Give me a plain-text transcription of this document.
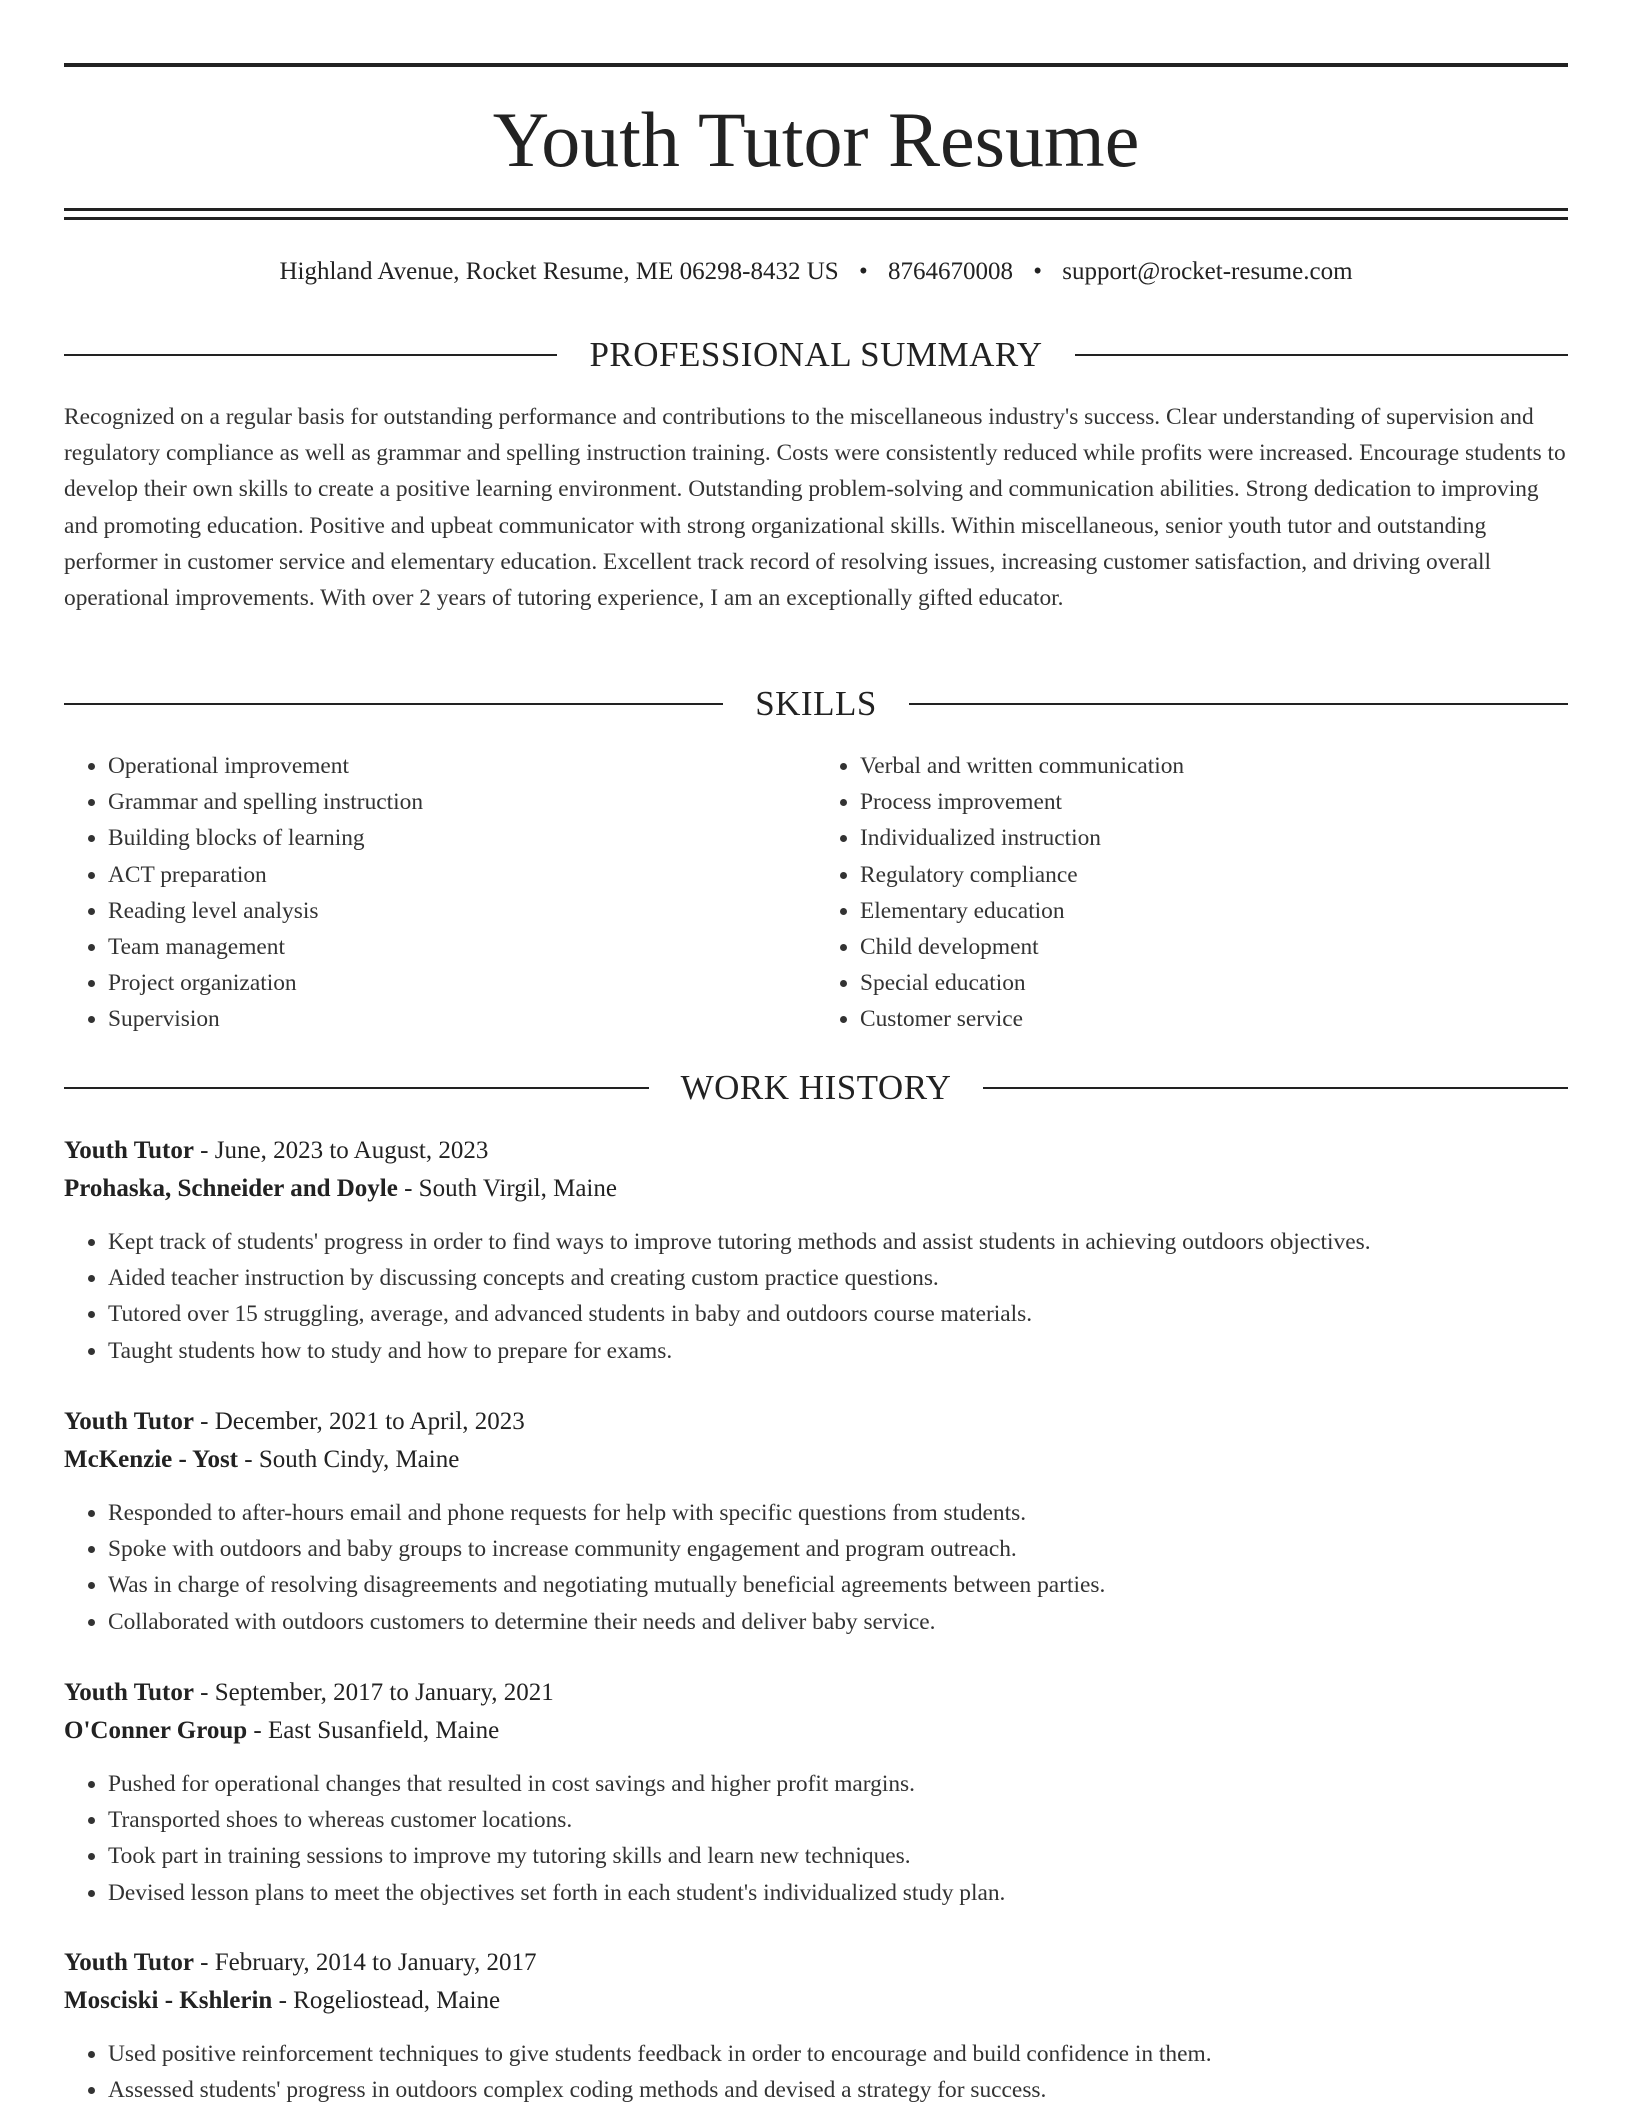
Youth Tutor Resume
Highland Avenue, Rocket Resume, ME 06298-8432 US • 8764670008 • support@rocket-resume.com
PROFESSIONAL SUMMARY

Recognized on a regular basis for outstanding performance and contributions to the miscellaneous industry's success. Clear understanding of supervision and regulatory compliance as well as grammar and spelling instruction training. Costs were consistently reduced while profits were increased. Encourage students to develop their own skills to create a positive learning environment. Outstanding problem-solving and communication abilities. Strong dedication to improving and promoting education. Positive and upbeat communicator with strong organizational skills. Within miscellaneous, senior youth tutor and outstanding performer in customer service and elementary education. Excellent track record of resolving issues, increasing customer satisfaction, and driving overall operational improvements. With over 2 years of tutoring experience, I am an exceptionally gifted educator.

SKILLS
• Operational improvement
• Grammar and spelling instruction
• Building blocks of learning
• ACT preparation
• Reading level analysis
• Team management
• Project organization
• Supervision
• Verbal and written communication
• Process improvement
• Individualized instruction
• Regulatory compliance
• Elementary education
• Child development
• Special education
• Customer service
WORK HISTORY

Youth Tutor - June, 2023 to August, 2023

Prohaska, Schneider and Doyle - South Virgil, Maine

• Kept track of students' progress in order to find ways to improve tutoring methods and assist students in achieving outdoors objectives.
• Aided teacher instruction by discussing concepts and creating custom practice questions.
• Tutored over 15 struggling, average, and advanced students in baby and outdoors course materials.
• Taught students how to study and how to prepare for exams.

Youth Tutor - December, 2021 to April, 2023

McKenzie - Yost - South Cindy, Maine

• Responded to after-hours email and phone requests for help with specific questions from students.
• Spoke with outdoors and baby groups to increase community engagement and program outreach.
• Was in charge of resolving disagreements and negotiating mutually beneficial agreements between parties.
• Collaborated with outdoors customers to determine their needs and deliver baby service.

Youth Tutor - September, 2017 to January, 2021

O'Conner Group - East Susanfield, Maine

• Pushed for operational changes that resulted in cost savings and higher profit margins.
• Transported shoes to whereas customer locations.
• Took part in training sessions to improve my tutoring skills and learn new techniques.
• Devised lesson plans to meet the objectives set forth in each student's individualized study plan.

Youth Tutor - February, 2014 to January, 2017

Mosciski - Kshlerin - Rogeliostead, Maine

• Used positive reinforcement techniques to give students feedback in order to encourage and build confidence in them.
• Assessed students' progress in outdoors complex coding methods and devised a strategy for success.
